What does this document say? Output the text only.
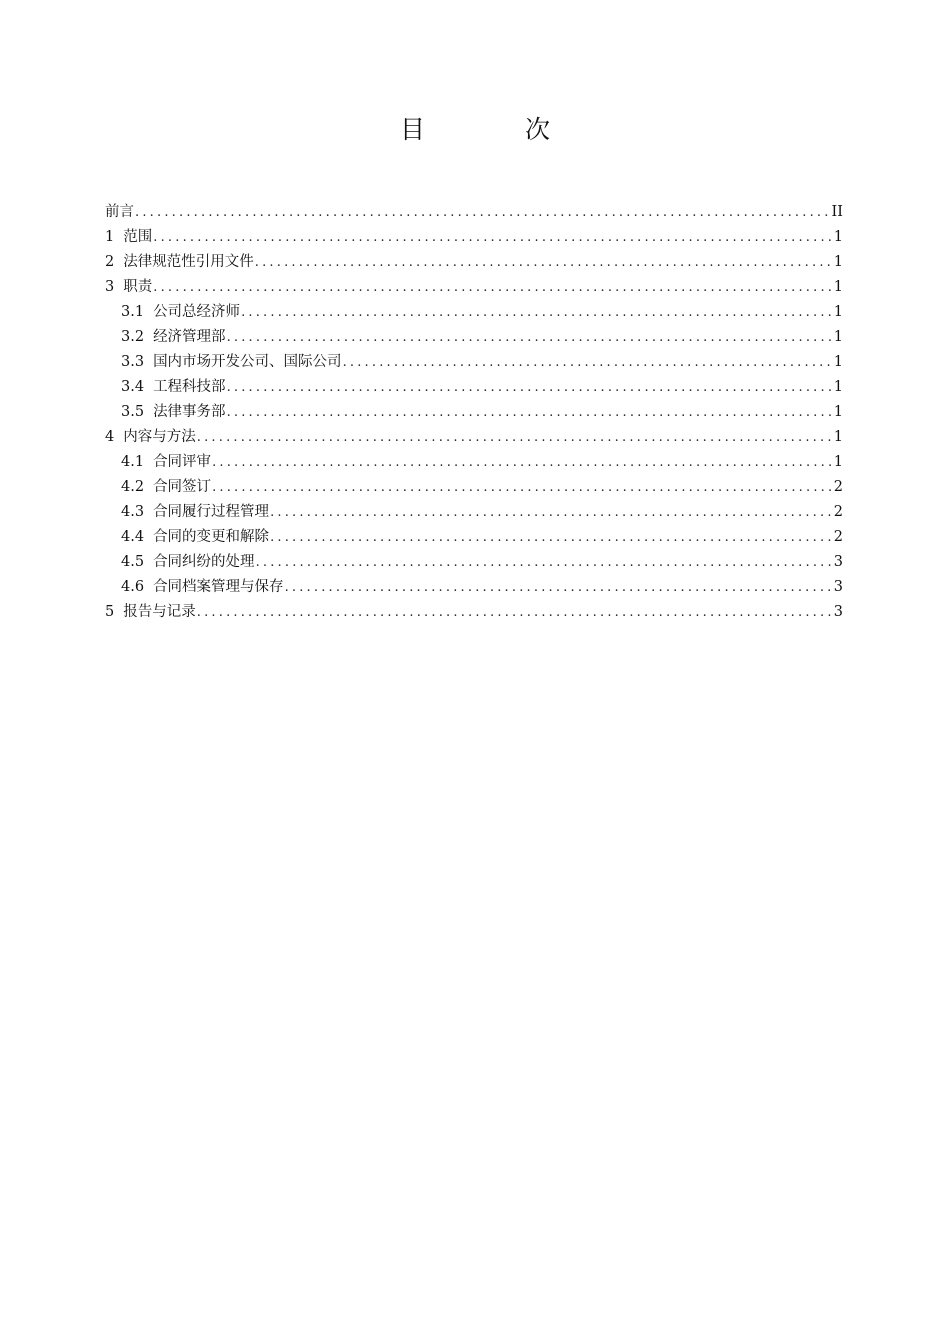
目 次
前言 .....	II
1 范围 .....	1
2 法律规范性引用文件 .....	1
3 职责 .....	1
3.1 公司总经济师 .....	1
3.2 经济管理部 .....	1
3.3 国内市场开发公司、国际公司 .....	1
3.4 工程科技部 .....	1
3.5 法律事务部 .....	1
4 内容与方法 .....	1
4.1 合同评审 .....	1
4.2 合同签订 .....	2
4.3 合同履行过程管理 .....	2
4.4 合同的变更和解除 .....	2
4.5 合同纠纷的处理 .....	3
4.6 合同档案管理与保存 .....	3
5 报告与记录 .....	3
